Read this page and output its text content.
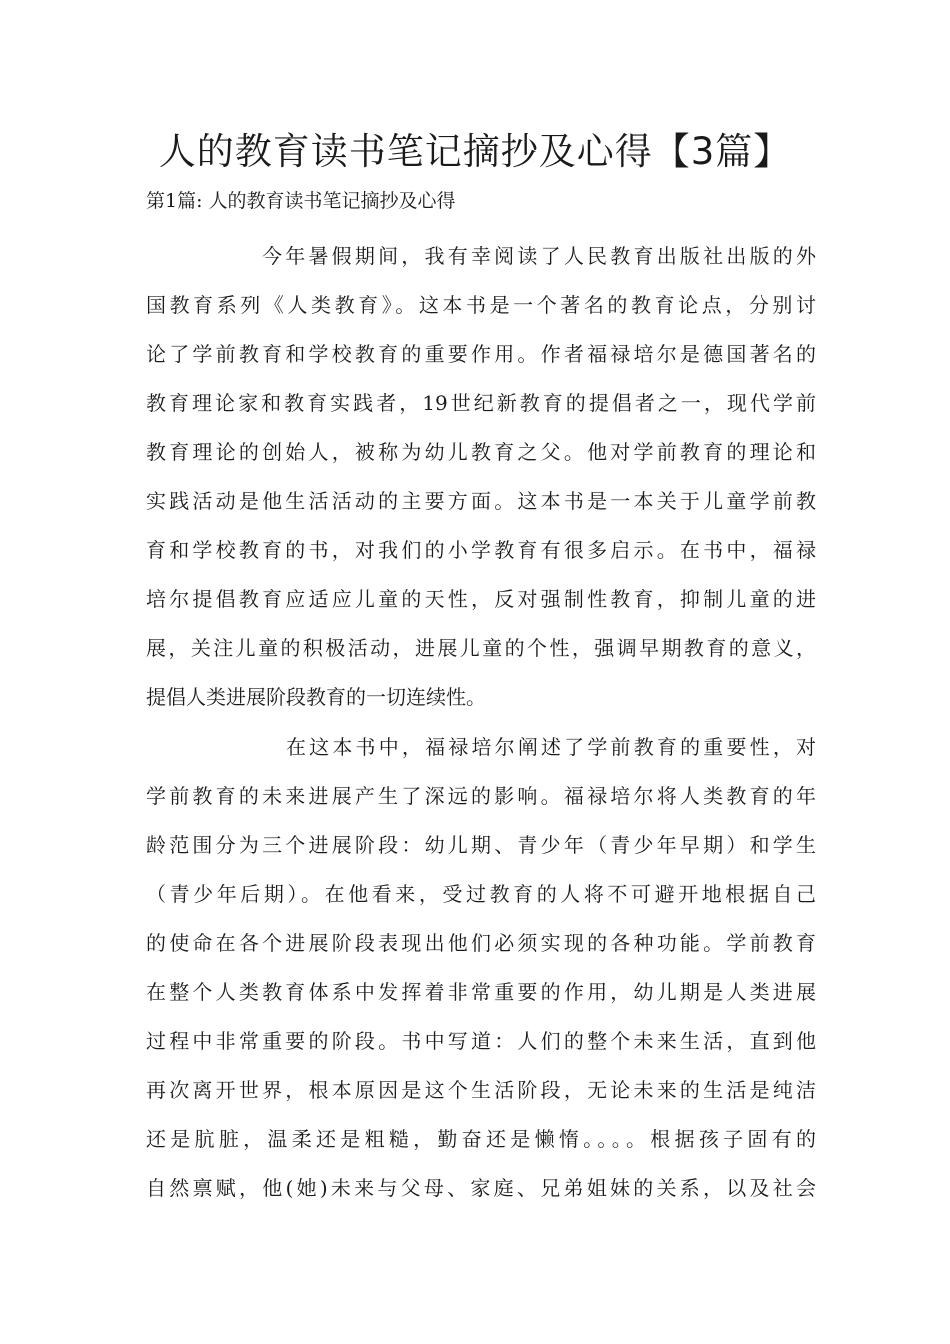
人的教育读书笔记摘抄及心得【3篇】

第1篇: 人的教育读书笔记摘抄及心得

今年暑假期间，我有幸阅读了人民教育出版社出版的外
国教育系列《人类教育》。这本书是一个著名的教育论点，分别讨
论了学前教育和学校教育的重要作用。作者福禄培尔是德国著名的
教育理论家和教育实践者，19世纪新教育的提倡者之一，现代学前
教育理论的创始人，被称为幼儿教育之父。他对学前教育的理论和
实践活动是他生活活动的主要方面。这本书是一本关于儿童学前教
育和学校教育的书，对我们的小学教育有很多启示。在书中，福禄
培尔提倡教育应适应儿童的天性，反对强制性教育，抑制儿童的进
展，关注儿童的积极活动，进展儿童的个性，强调早期教育的意义，
提倡人类进展阶段教育的一切连续性。
在这本书中，福禄培尔阐述了学前教育的重要性，对
学前教育的未来进展产生了深远的影响。福禄培尔将人类教育的年
龄范围分为三个进展阶段：幼儿期、青少年（青少年早期）和学生
（青少年后期）。在他看来，受过教育的人将不可避开地根据自己
的使命在各个进展阶段表现出他们必须实现的各种功能。学前教育
在整个人类教育体系中发挥着非常重要的作用，幼儿期是人类进展
过程中非常重要的阶段。书中写道：人们的整个未来生活，直到他
再次离开世界，根本原因是这个生活阶段，无论未来的生活是纯洁
还是肮脏，温柔还是粗糙，勤奋还是懒惰。。。。根据孩子固有的
自然禀赋，他(她)未来与父母、家庭、兄弟姐妹的关系，以及社会
